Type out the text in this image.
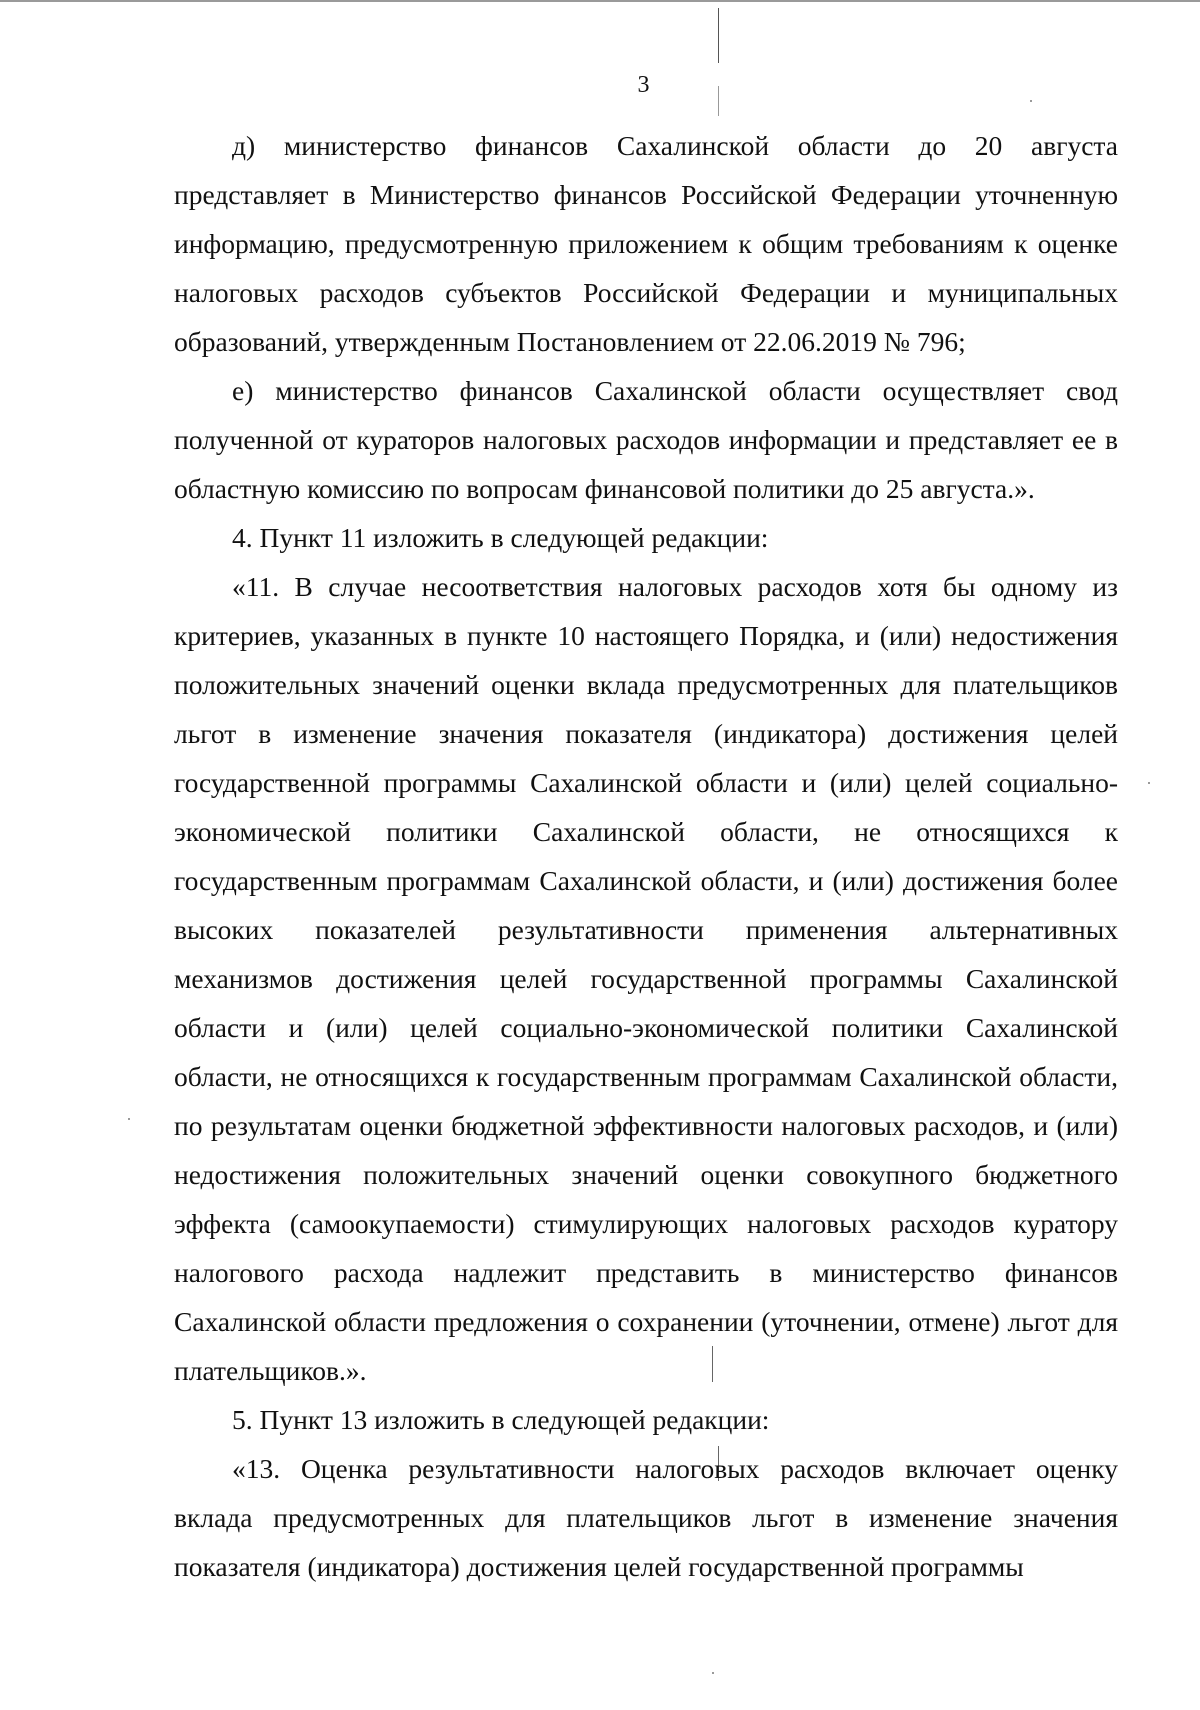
3

д) министерство финансов Сахалинской области до 20 августа представляет в Министерство финансов Российской Федерации уточненную информацию, предусмотренную приложением к общим требованиям к оценке налоговых расходов субъектов Российской Федерации и муниципальных образований, утвержденным Постановлением от 22.06.2019 № 796;

е) министерство финансов Сахалинской области осуществляет свод полученной от кураторов налоговых расходов информации и представляет ее в областную комиссию по вопросам финансовой политики до 25 августа.».

4. Пункт 11 изложить в следующей редакции:

«11. В случае несоответствия налоговых расходов хотя бы одному из критериев, указанных в пункте 10 настоящего Порядка, и (или) недостижения положительных значений оценки вклада предусмотренных для плательщиков льгот в изменение значения показателя (индикатора) достижения целей государственной программы Сахалинской области и (или) целей социально-экономической политики Сахалинской области, не относящихся к государственным программам Сахалинской области, и (или) достижения более высоких показателей результативности применения альтернативных механизмов достижения целей государственной программы Сахалинской области и (или) целей социально-экономической политики Сахалинской области, не относящихся к государственным программам Сахалинской области, по результатам оценки бюджетной эффективности налоговых расходов, и (или) недостижения положительных значений оценки совокупного бюджетного эффекта (самоокупаемости) стимулирующих налоговых расходов куратору налогового расхода надлежит представить в министерство финансов Сахалинской области предложения о сохранении (уточнении, отмене) льгот для плательщиков.».

5. Пункт 13 изложить в следующей редакции:

«13. Оценка результативности налоговых расходов включает оценку вклада предусмотренных для плательщиков льгот в изменение значения показателя (индикатора) достижения целей государственной программы
